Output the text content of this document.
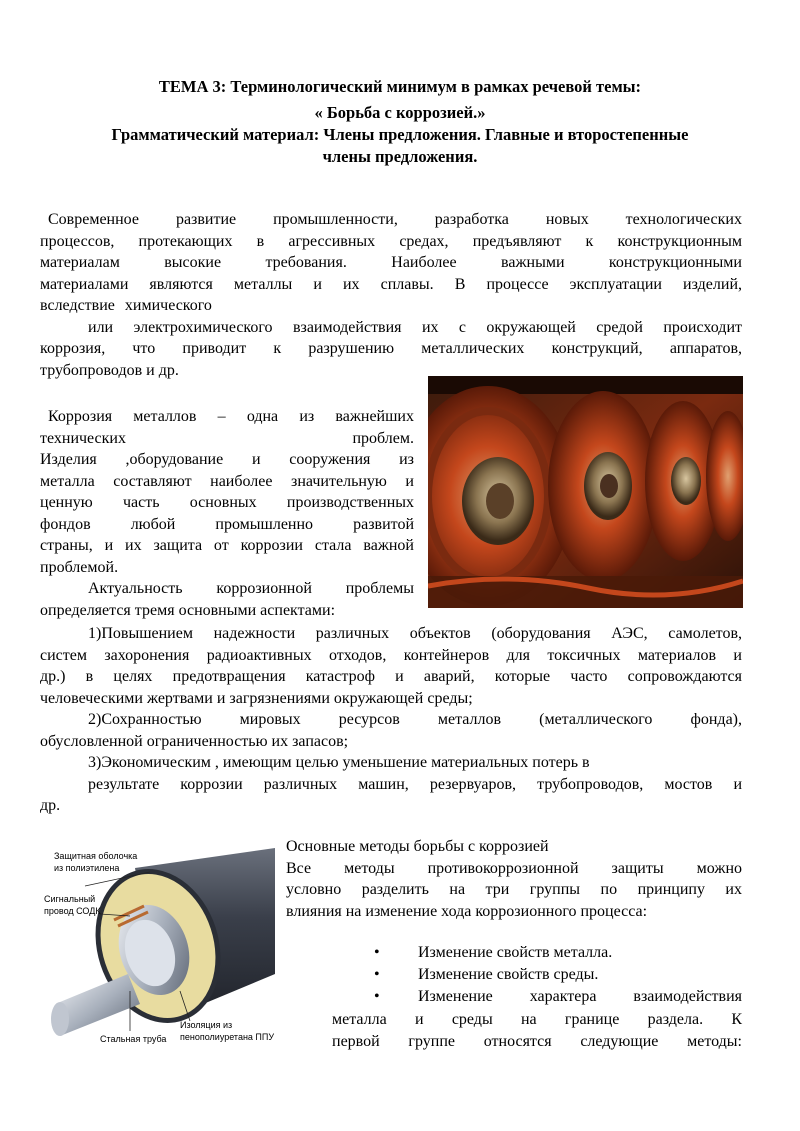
ТЕМА 3: Терминологический минимум в рамках речевой темы:
« Борьба с коррозией.»
Грамматический материал: Члены предложения. Главные и второстепенные
члены предложения.

Современное развитие промышленности, разработка новых технологических

процессов, протекающих в агрессивных средах, предъявляют к конструкционным

материалам высокие требования. Наиболее важными конструкционными

материалами являются металлы и их сплавы. В процессе эксплуатации изделий,

вследствие химического

или электрохимического взаимодействия их с окружающей средой происходит

коррозия, что приводит к разрушению металлических конструкций, аппаратов,

трубопроводов и др.

Коррозия металлов – одна из важнейших

технических проблем.

Изделия ,оборудование и сооружения из

металла составляют наиболее значительную и

ценную часть основных производственных

фондов любой промышленно развитой

страны, и их защита от коррозии стала важной

проблемой.

Актуальность коррозионной проблемы

определяется тремя основными аспектами:

1)Повышением надежности различных объектов (оборудования АЭС, самолетов,

систем захоронения радиоактивных отходов, контейнеров для токсичных материалов и

др.) в целях предотвращения катастроф и аварий, которые часто сопровождаются

человеческими жертвами и загрязнениями окружающей среды;

2)Сохранностью мировых ресурсов металлов (металлического фонда),

обусловленной ограниченностью их запасов;

3)Экономическим , имеющим целью уменьшение материальных потерь в

результате коррозии различных машин, резервуаров, трубопроводов, мостов и

др.

Защитная оболочка
из полиэтилена
Сигнальный
провод СОДК
Стальная труба
Изоляция из
пенополиуретана ППУ

Основные методы борьбы с коррозией

Все методы противокоррозионной защиты можно

условно разделить на три группы по принципу их

влияния на изменение хода коррозионного процесса:

• Изменение свойств металла.
• Изменение свойств среды.
• Изменение характера взаимодействия

металла и среды на границе раздела. К

первой группе относятся следующие методы:
